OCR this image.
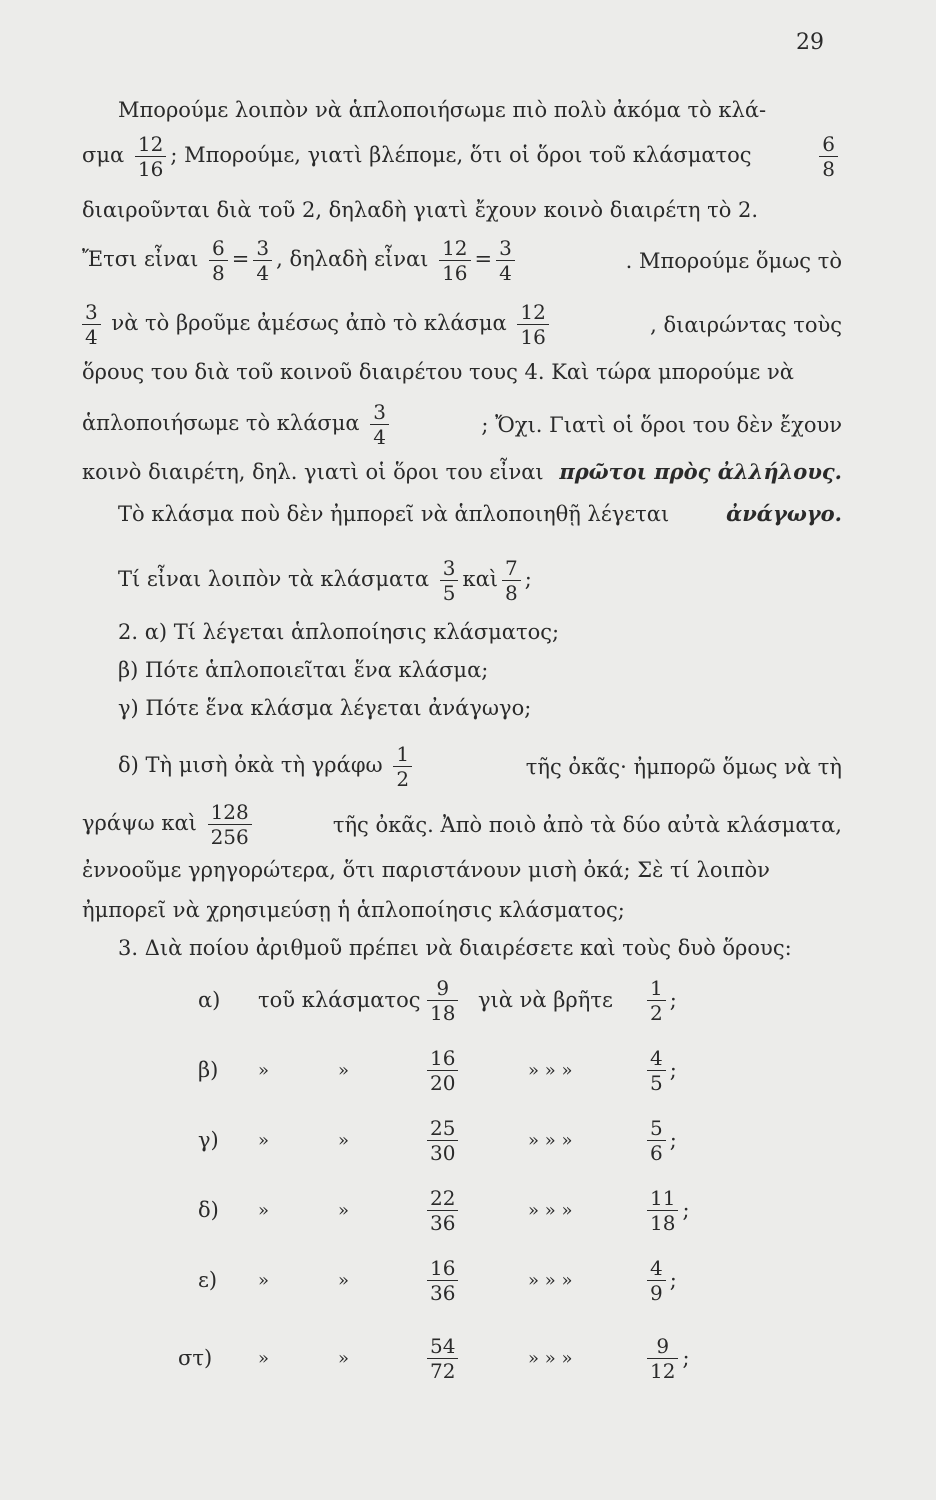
29
Μπορούμε λοιπὸν νὰ ἁπλοποιήσωμε πιὸ πολὺ ἀκόμα τὸ κλά-
σμα $\frac{12}{16}$ ; Μπορούμε, γιατὶ βλέπομε, ὅτι οἱ ὅροι τοῦ κλάσματος	$\frac{6}{8}$
διαιροῦνται διὰ τοῦ 2, δηλαδὴ γιατὶ ἔχουν κοινὸ διαιρέτη τὸ 2.
Ἔτσι εἶναι $\frac{6}{8} = \frac{3}{4}$ , δηλαδὴ εἶναι $\frac{12}{16} = \frac{3}{4}$	. Μπορούμε ὅμως τὸ
$\frac{3}{4}$ νὰ τὸ βροῦμε ἀμέσως ἀπὸ τὸ κλάσμα $\frac{12}{16}$	, διαιρώντας τοὺς
ὅρους του διὰ τοῦ κοινοῦ διαιρέτου τους 4. Καὶ τώρα μπορούμε νὰ
ἁπλοποιήσωμε τὸ κλάσμα $\frac{3}{4}$	; Ὄχι. Γιατὶ οἱ ὅροι του δὲν ἔχουν
κοινὸ διαιρέτη, δηλ. γιατὶ οἱ ὅροι του εἶναι πρῶτοι πρὸς ἀλλήλους.
Τὸ κλάσμα ποὺ δὲν ἠμπορεῖ νὰ ἁπλοποιηθῇ λέγεται	ἀνάγωγο.
Τί εἶναι λοιπὸν τὰ κλάσματα $\frac{3}{5}$ καὶ $\frac{7}{8}$ ;
2. α) Τί λέγεται ἁπλοποίησις κλάσματος;
β) Πότε ἁπλοποιεῖται ἕνα κλάσμα;
γ) Πότε ἕνα κλάσμα λέγεται ἀνάγωγο;
δ) Τὴ μισὴ ὀκὰ τὴ γράφω $\frac{1}{2}$	τῆς ὀκᾶς· ἠμπορῶ ὅμως νὰ τὴ
γράψω καὶ $\frac{128}{256}$	τῆς ὀκᾶς. Ἀπὸ ποιὸ ἀπὸ τὰ δύο αὐτὰ κλάσματα,
ἐννοοῦμε γρηγορώτερα, ὅτι παριστάνουν μισὴ ὀκά; Σὲ τί λοιπὸν
ἠμπορεῖ νὰ χρησιμεύσῃ ἡ ἁπλοποίησις κλάσματος;
3. Διὰ ποίου ἀριθμοῦ πρέπει νὰ διαιρέσετε καὶ τοὺς δυὸ ὅρους:
α) τοῦ κλάσματος $\frac{9}{18}$ γιὰ νὰ βρῆτε $\frac{1}{2}$ ;
β) »	»	$\frac{16}{20}$	» » »	$\frac{4}{5}$ ;
γ) »	»	$\frac{25}{30}$	» » »	$\frac{5}{6}$ ;
δ) »	»	$\frac{22}{36}$	» » »	$\frac{11}{18}$ ;
ε) »	»	$\frac{16}{36}$	» » »	$\frac{4}{9}$ ;
στ)	»	»	$\frac{54}{72}$	» » »	$\frac{9}{12}$ ;
